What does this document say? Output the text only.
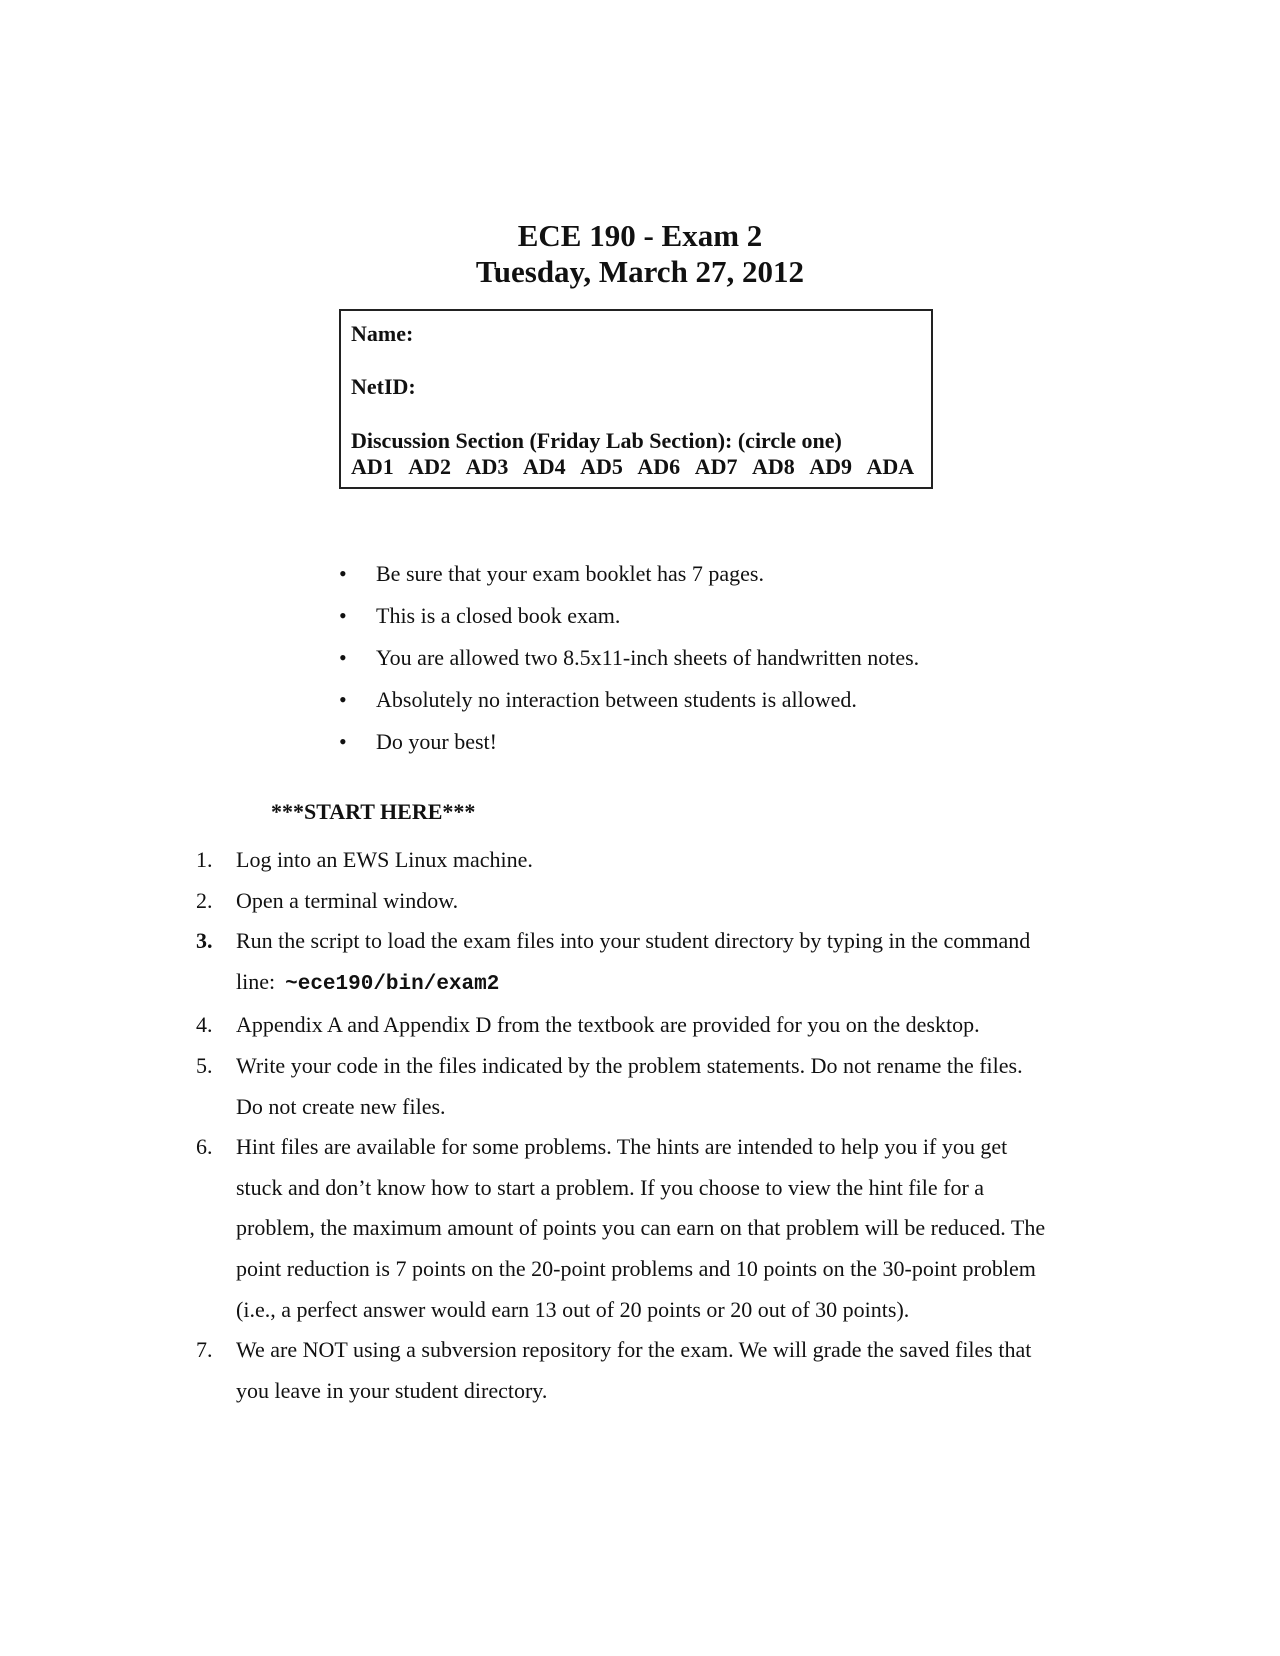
ECE 190 - Exam 2
Tuesday, March 27, 2012
Name:
NetID:
Discussion Section (Friday Lab Section): (circle one)
AD1 AD2 AD3 AD4 AD5 AD6 AD7 AD8 AD9 ADA
• Be sure that your exam booklet has 7 pages.
• This is a closed book exam.
• You are allowed two 8.5x11-inch sheets of handwritten notes.
• Absolutely no interaction between students is allowed.
• Do your best!
***START HERE***
1.	Log into an EWS Linux machine.
2.	Open a terminal window.
3.	Run the script to load the exam files into your student directory by typing in the command
line: ~ece190/bin/exam2
4.	Appendix A and Appendix D from the textbook are provided for you on the desktop.
5.	Write your code in the files indicated by the problem statements. Do not rename the files.
Do not create new files.
6.	Hint files are available for some problems. The hints are intended to help you if you get
stuck and don’t know how to start a problem. If you choose to view the hint file for a
problem, the maximum amount of points you can earn on that problem will be reduced. The
point reduction is 7 points on the 20-point problems and 10 points on the 30-point problem
(i.e., a perfect answer would earn 13 out of 20 points or 20 out of 30 points).
7.	We are NOT using a subversion repository for the exam. We will grade the saved files that
you leave in your student directory.
